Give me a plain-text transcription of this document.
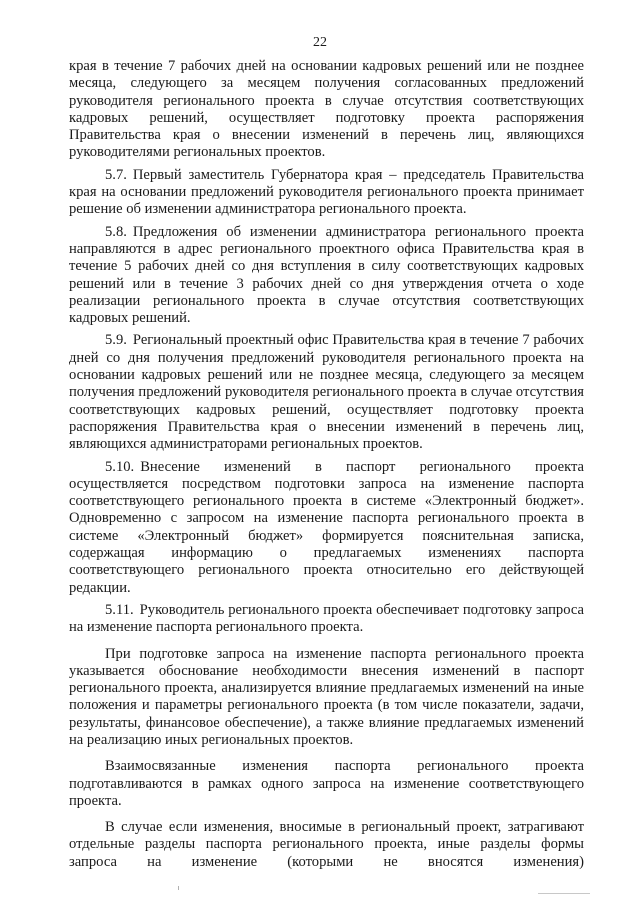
22

края в течение 7 рабочих дней на основании кадровых решений или не позднее месяца, следующего за месяцем получения согласованных предложений руководителя регионального проекта в случае отсутствия соответствующих кадровых решений, осуществляет подготовку проекта распоряжения Правительства края о внесении изменений в перечень лиц, являющихся руководителями региональных проектов.

5.7. Первый заместитель Губернатора края – председатель Правительства края на основании предложений руководителя регионального проекта принимает решение об изменении администратора регионального проекта.

5.8. Предложения об изменении администратора регионального проекта направляются в адрес регионального проектного офиса Правительства края в течение 5 рабочих дней со дня вступления в силу соответствующих кадровых решений или в течение 3 рабочих дней со дня утверждения отчета о ходе реализации регионального проекта в случае отсутствия соответствующих кадровых решений.

5.9. Региональный проектный офис Правительства края в течение 7 рабочих дней со дня получения предложений руководителя регионального проекта на основании кадровых решений или не позднее месяца, следующего за месяцем получения предложений руководителя регионального проекта в случае отсутствия соответствующих кадровых решений, осуществляет подготовку проекта распоряжения Правительства края о внесении изменений в перечень лиц, являющихся администраторами региональных проектов.

5.10. Внесение изменений в паспорт регионального проекта осуществляется посредством подготовки запроса на изменение паспорта соответствующего регионального проекта в системе «Электронный бюджет». Одновременно с запросом на изменение паспорта регионального проекта в системе «Электронный бюджет» формируется пояснительная записка, содержащая информацию о предлагаемых изменениях паспорта соответствующего регионального проекта относительно его действующей редакции.

5.11. Руководитель регионального проекта обеспечивает подготовку запроса на изменение паспорта регионального проекта.

При подготовке запроса на изменение паспорта регионального проекта указывается обоснование необходимости внесения изменений в паспорт регионального проекта, анализируется влияние предлагаемых изменений на иные положения и параметры регионального проекта (в том числе показатели, задачи, результаты, финансовое обеспечение), а также влияние предлагаемых изменений на реализацию иных региональных проектов.

Взаимосвязанные изменения паспорта регионального проекта подготавливаются в рамках одного запроса на изменение соответствующего проекта.

В случае если изменения, вносимые в региональный проект, затрагивают отдельные разделы паспорта регионального проекта, иные разделы формы запроса на изменение (которыми не вносятся изменения)
